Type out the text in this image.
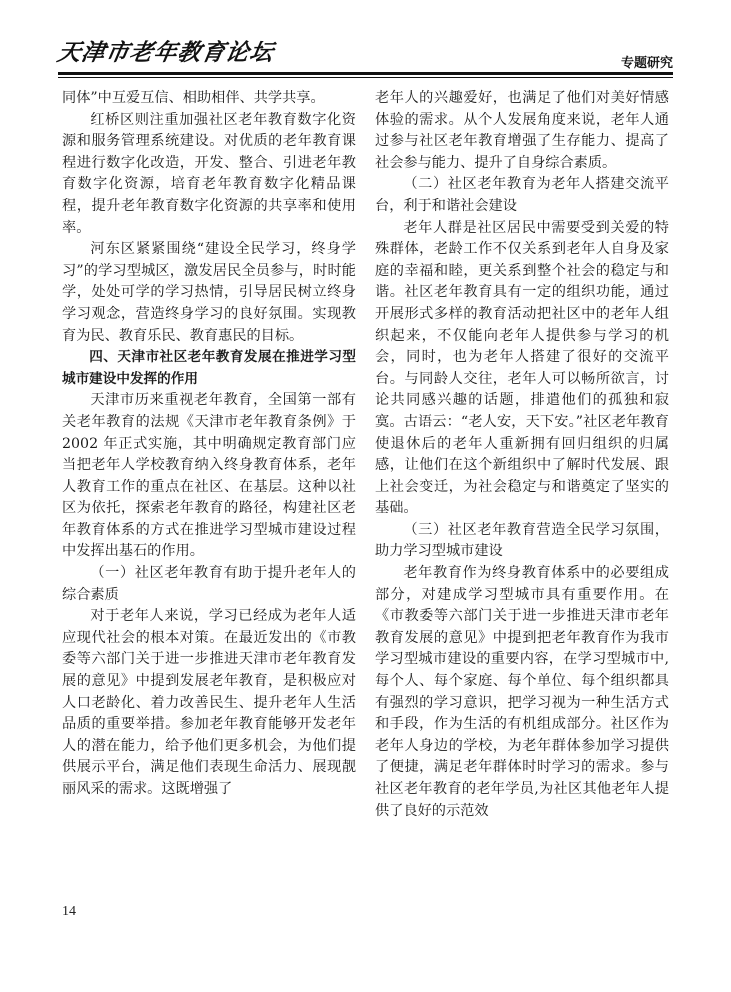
天津市老年教育论坛	专题研究

同体”中互爱互信、相助相伴、共学共享。

红桥区则注重加强社区老年教育数字化资源和服务管理系统建设。对优质的老年教育课程进行数字化改造，开发、整合、引进老年教育数字化资源，培育老年教育数字化精品课程，提升老年教育数字化资源的共享率和使用率。

河东区紧紧围绕“建设全民学习，终身学习”的学习型城区，激发居民全员参与，时时能学，处处可学的学习热情，引导居民树立终身学习观念，营造终身学习的良好氛围。实现教育为民、教育乐民、教育惠民的目标。

四、天津市社区老年教育发展在推进学习型城市建设中发挥的作用

天津市历来重视老年教育，全国第一部有关老年教育的法规《天津市老年教育条例》于 2002 年正式实施，其中明确规定教育部门应当把老年人学校教育纳入终身教育体系，老年人教育工作的重点在社区、在基层。这种以社区为依托，探索老年教育的路径，构建社区老年教育体系的方式在推进学习型城市建设过程中发挥出基石的作用。

（一）社区老年教育有助于提升老年人的综合素质

对于老年人来说，学习已经成为老年人适应现代社会的根本对策。在最近发出的《市教委等六部门关于进一步推进天津市老年教育发展的意见》中提到发展老年教育，是积极应对人口老龄化、着力改善民生、提升老年人生活品质的重要举措。参加老年教育能够开发老年人的潜在能力，给予他们更多机会，为他们提供展示平台，满足他们表现生命活力、展现靓丽风采的需求。这既增强了

老年人的兴趣爱好，也满足了他们对美好情感体验的需求。从个人发展角度来说，老年人通过参与社区老年教育增强了生存能力、提高了社会参与能力、提升了自身综合素质。

（二）社区老年教育为老年人搭建交流平台，利于和谐社会建设

老年人群是社区居民中需要受到关爱的特殊群体，老龄工作不仅关系到老年人自身及家庭的幸福和睦，更关系到整个社会的稳定与和谐。社区老年教育具有一定的组织功能，通过开展形式多样的教育活动把社区中的老年人组织起来，不仅能向老年人提供参与学习的机会，同时，也为老年人搭建了很好的交流平台。与同龄人交往，老年人可以畅所欲言，讨论共同感兴趣的话题，排遣他们的孤独和寂寞。古语云：“老人安，天下安。”社区老年教育使退休后的老年人重新拥有回归组织的归属感，让他们在这个新组织中了解时代发展、跟上社会变迁，为社会稳定与和谐奠定了坚实的基础。

（三）社区老年教育营造全民学习氛围，助力学习型城市建设

老年教育作为终身教育体系中的必要组成部分，对建成学习型城市具有重要作用。在《市教委等六部门关于进一步推进天津市老年教育发展的意见》中提到把老年教育作为我市学习型城市建设的重要内容，在学习型城市中,每个人、每个家庭、每个单位、每个组织都具有强烈的学习意识，把学习视为一种生活方式和手段，作为生活的有机组成部分。社区作为老年人身边的学校，为老年群体参加学习提供了便捷，满足老年群体时时学习的需求。参与社区老年教育的老年学员,为社区其他老年人提供了良好的示范效

14
